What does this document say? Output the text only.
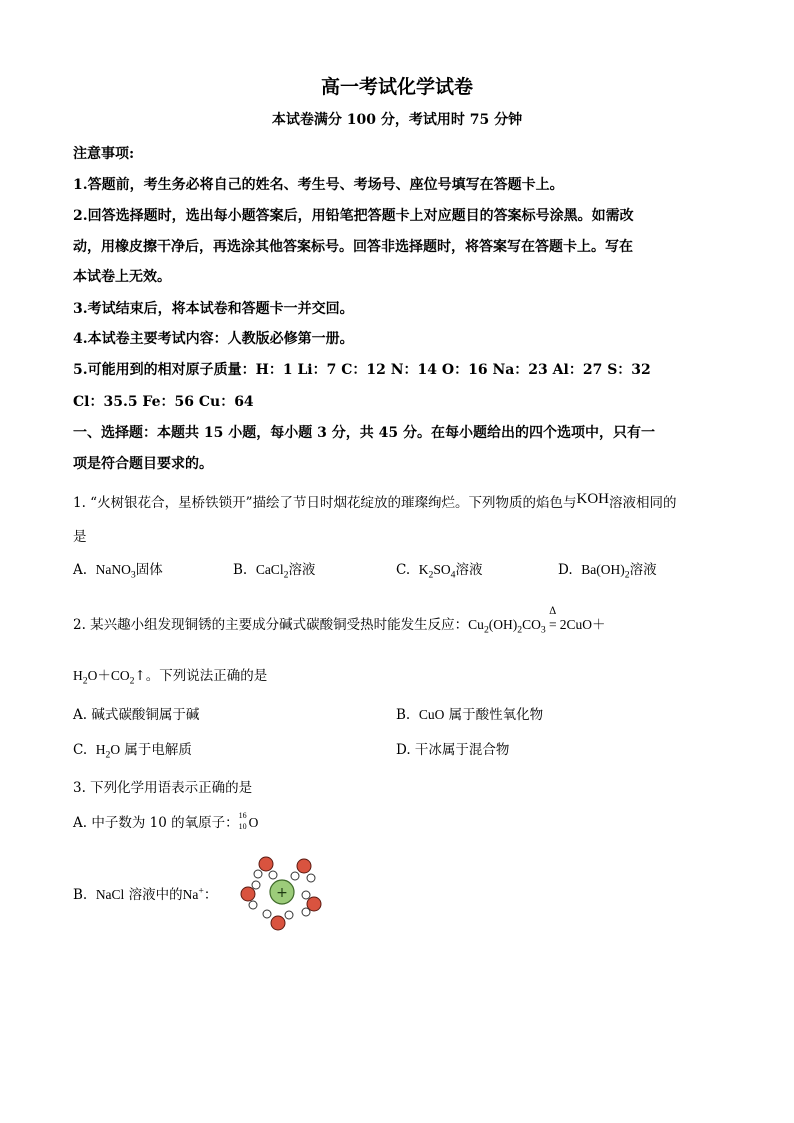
高一考试化学试卷
本试卷满分 100 分，考试用时 75 分钟
注意事项:
1.答题前，考生务必将自己的姓名、考生号、考场号、座位号填写在答题卡上。
2.回答选择题时，选出每小题答案后，用铅笔把答题卡上对应题目的答案标号涂黑。如需改
动，用橡皮擦干净后，再选涂其他答案标号。回答非选择题时，将答案写在答题卡上。写在
本试卷上无效。
3.考试结束后，将本试卷和答题卡一并交回。
4.本试卷主要考试内容：人教版必修第一册。
5.可能用到的相对原子质量：H：1 Li：7 C：12 N：14 O：16 Na：23 Al：27 S：32
Cl：35.5 Fe：56 Cu：64
一、选择题：本题共 15 小题，每小题 3 分，共 45 分。在每小题给出的四个选项中，只有一
项是符合题目要求的。
1. “火树银花合，星桥铁锁开”描绘了节日时烟花绽放的璀璨绚烂。下列物质的焰色与KOH溶液相同的
是
A. NaNO$_3$固体	B. CaCl$_2$溶液	C. $K_2SO_4$溶液	D. $Ba(OH)_2$溶液
2. 某兴趣小组发现铜锈的主要成分碱式碳酸铜受热时能发生反应：$Cu_2(OH)_2CO_3$
Δ
= 2CuO＋
$H_2O+CO_2↑$。下列说法正确的是
A. 碱式碳酸铜属于碱	B. CuO 属于酸性氧化物
C. $H_2O$ 属于电解质	D. 干冰属于混合物
3. 下列化学用语表示正确的是
A. 中子数为 10 的氧原子： 16
10 O
B. NaCl 溶液中的Na+：	+
